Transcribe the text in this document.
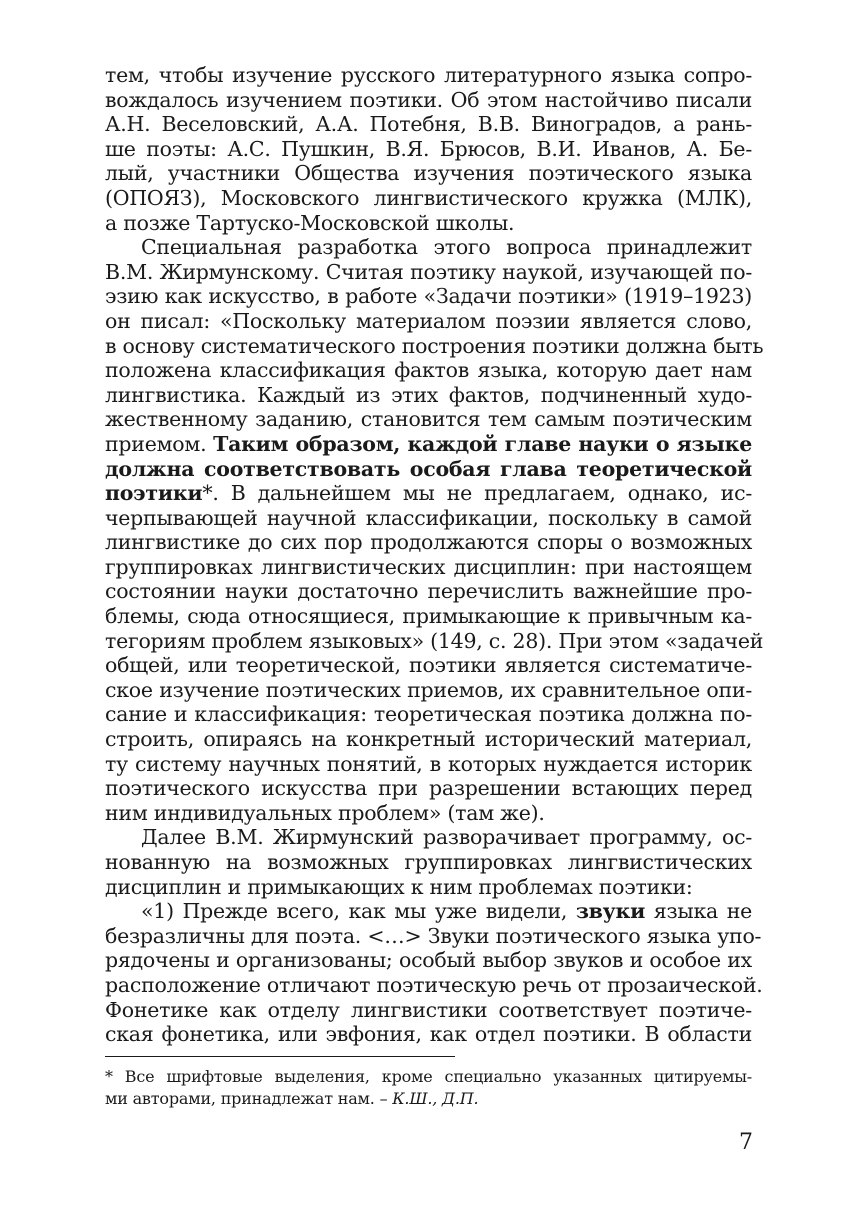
тем, чтобы изучение русского литературного языка сопро-
вождалось изучением поэтики. Об этом настойчиво писали
А.Н. Веселовский, А.А. Потебня, В.В. Виноградов, а рань-
ше поэты: А.С. Пушкин, В.Я. Брюсов, В.И. Иванов, А. Бе-
лый, участники Общества изучения поэтического языка
(ОПОЯЗ), Московского лингвистического кружка (МЛК),
а позже Тартуско-Московской школы.
Специальная разработка этого вопроса принадлежит
В.М. Жирмунскому. Считая поэтику наукой, изучающей по-
эзию как искусство, в работе «Задачи поэтики» (1919–1923)
он писал: «Поскольку материалом поэзии является слово,
в основу систематического построения поэтики должна быть
положена классификация фактов языка, которую дает нам
лингвистика. Каждый из этих фактов, подчиненный худо-
жественному заданию, становится тем самым поэтическим
приемом. Таким образом, каждой главе науки о языке
должна соответствовать особая глава теоретической
поэтики*. В дальнейшем мы не предлагаем, однако, ис-
черпывающей научной классификации, поскольку в самой
лингвистике до сих пор продолжаются споры о возможных
группировках лингвистических дисциплин: при настоящем
состоянии науки достаточно перечислить важнейшие про-
блемы, сюда относящиеся, примыкающие к привычным ка-
тегориям проблем языковых» (149, с. 28). При этом «задачей
общей, или теоретической, поэтики является систематиче-
ское изучение поэтических приемов, их сравнительное опи-
сание и классификация: теоретическая поэтика должна по-
строить, опираясь на конкретный исторический материал,
ту систему научных понятий, в которых нуждается историк
поэтического искусства при разрешении встающих перед
ним индивидуальных проблем» (там же).
Далее В.М. Жирмунский разворачивает программу, ос-
нованную на возможных группировках лингвистических
дисциплин и примыкающих к ним проблемах поэтики:
«1) Прежде всего, как мы уже видели, звуки языка не
безразличны для поэта. <…> Звуки поэтического языка упо-
рядочены и организованы; особый выбор звуков и особое их
расположение отличают поэтическую речь от прозаической.
Фонетике как отделу лингвистики соответствует поэтиче-
ская фонетика, или эвфония, как отдел поэтики. В области
* Все шрифтовые выделения, кроме специально указанных цитируемы-
ми авторами, принадлежат нам. – К.Ш., Д.П.
7
